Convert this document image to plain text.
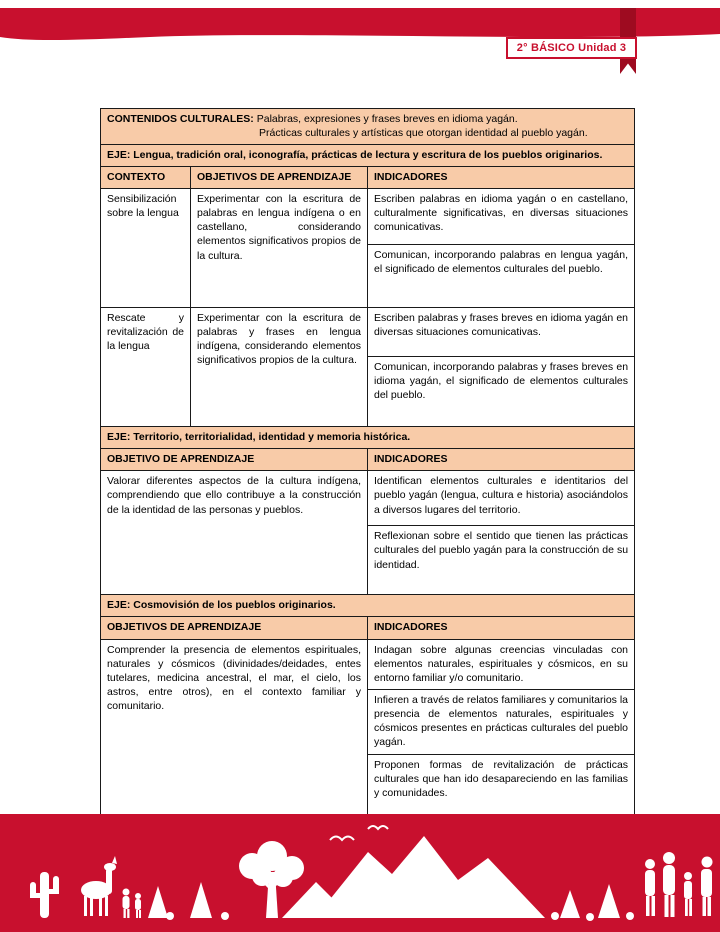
2° BÁSICO Unidad 3
CONTENIDOS CULTURALES: Palabras, expresiones y frases breves en idioma yagán.
Prácticas culturales y artísticas que otorgan identidad al pueblo yagán.		

EJE: Lengua, tradición oral, iconografía, prácticas de lectura y escritura de los pueblos originarios.		
CONTEXTO	OBJETIVOS DE APRENDIZAJE	INDICADORES
Sensibilización sobre la lengua	Experimentar con la escritura de palabras en lengua indígena o en castellano, considerando elementos significativos propios de la cultura.	Escriben palabras en idioma yagán o en castellano, culturalmente significativas, en diversas situaciones comunicativas.
		Comunican, incorporando palabras en lengua yagán, el significado de elementos culturales del pueblo.
Rescate y revitalización de la lengua	Experimentar con la escritura de palabras y frases en lengua indígena, considerando elementos significativos propios de la cultura.	Escriben palabras y frases breves en idioma yagán en diversas situaciones comunicativas.
		Comunican, incorporando palabras y frases breves en idioma yagán, el significado de elementos culturales del pueblo.
EJE: Territorio, territorialidad, identidad y memoria histórica.		
OBJETIVO DE APRENDIZAJE		INDICADORES
Valorar diferentes aspectos de la cultura indígena, comprendiendo que ello contribuye a la construcción de la identidad de las personas y pueblos.		Identifican elementos culturales e identitarios del pueblo yagán (lengua, cultura e historia) asociándolos a diversos lugares del territorio.
		Reflexionan sobre el sentido que tienen las prácticas culturales del pueblo yagán para la construcción de su identidad.
EJE: Cosmovisión de los pueblos originarios.		
OBJETIVOS DE APRENDIZAJE		INDICADORES
Comprender la presencia de elementos espirituales, naturales y cósmicos (divinidades/deidades, entes tutelares, medicina ancestral, el mar, el cielo, los astros, entre otros), en el contexto familiar y comunitario.		Indagan sobre algunas creencias vinculadas con elementos naturales, espirituales y cósmicos, en su entorno familiar y/o comunitario.
		Infieren a través de relatos familiares y comunitarios la presencia de elementos naturales, espirituales y cósmicos presentes en prácticas culturales del pueblo yagán.
		Proponen formas de revitalización de prácticas culturales que han ido desapareciendo en las familias y comunidades.
